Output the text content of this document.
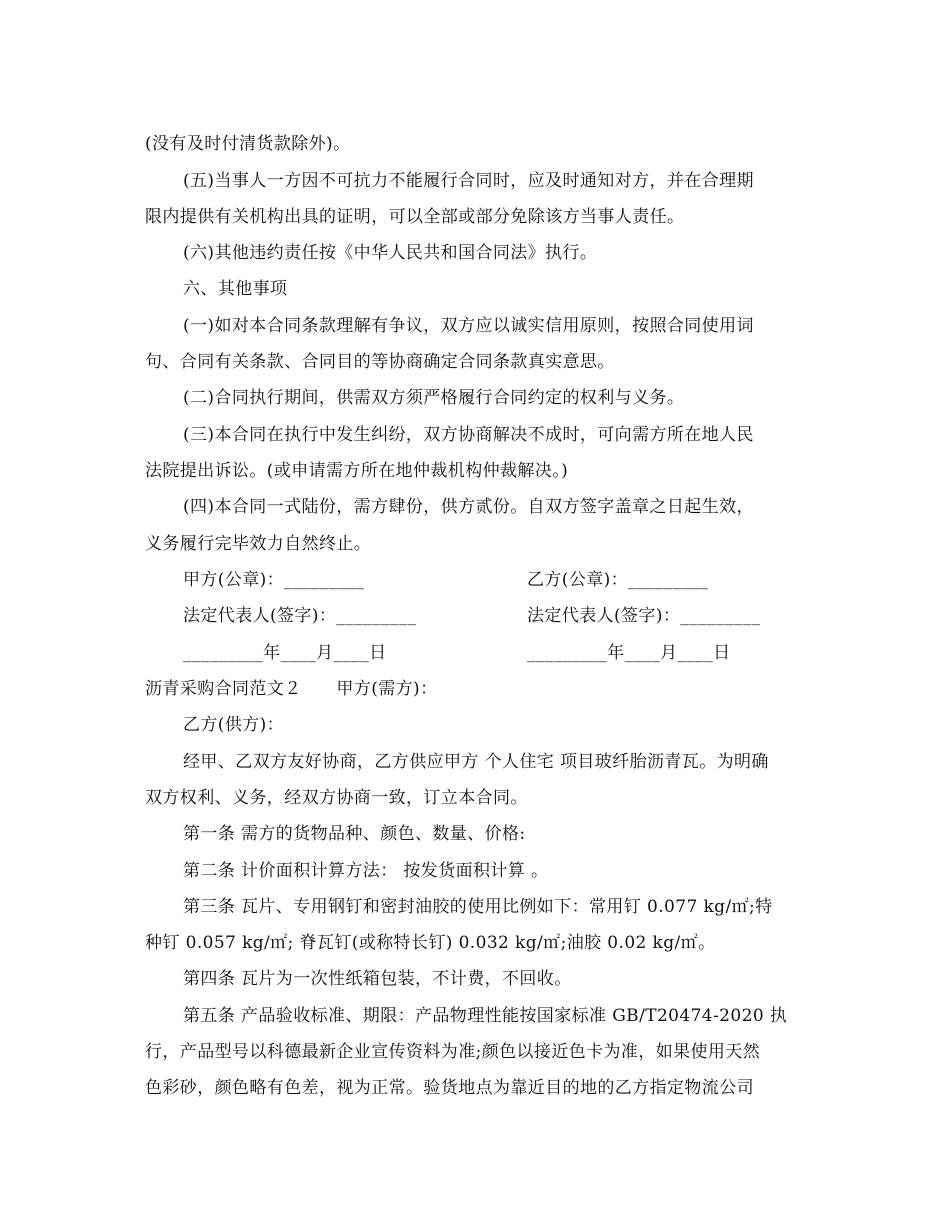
(没有及时付清货款除外)。
(五)当事人一方因不可抗力不能履行合同时，应及时通知对方，并在合理期
限内提供有关机构出具的证明，可以全部或部分免除该方当事人责任。
(六)其他违约责任按《中华人民共和国合同法》执行。
六、其他事项
(一)如对本合同条款理解有争议，双方应以诚实信用原则，按照合同使用词
句、合同有关条款、合同目的等协商确定合同条款真实意思。
(二)合同执行期间，供需双方须严格履行合同约定的权利与义务。
(三)本合同在执行中发生纠纷，双方协商解决不成时，可向需方所在地人民
法院提出诉讼。(或申请需方所在地仲裁机构仲裁解决。)
(四)本合同一式陆份，需方肆份，供方贰份。自双方签字盖章之日起生效，
义务履行完毕效力自然终止。
甲方(公章)：_________	乙方(公章)：_________
法定代表人(签字)：_________	法定代表人(签字)：_________
_________年____月____日	_________年____月____日
沥青采购合同范文２      甲方(需方)：
乙方(供方)：
经甲、乙双方友好协商，乙方供应甲方 个人住宅 项目玻纤胎沥青瓦。为明确
双方权利、义务，经双方协商一致，订立本合同。
第一条 需方的货物品种、颜色、数量、价格:
第二条 计价面积计算方法： 按发货面积计算 。
第三条 瓦片、专用钢钉和密封油胶的使用比例如下：常用钉 0.077 kg/㎡;特
种钉 0.057 kg/㎡; 脊瓦钉(或称特长钉) 0.032 kg/㎡;油胶 0.02 kg/㎡。
第四条 瓦片为一次性纸箱包装，不计费，不回收。
第五条 产品验收标准、期限：产品物理性能按国家标准 GB/T20474-2020 执
行，产品型号以科德最新企业宣传资料为准;颜色以接近色卡为准，如果使用天然
色彩砂，颜色略有色差，视为正常。验货地点为靠近目的地的乙方指定物流公司
